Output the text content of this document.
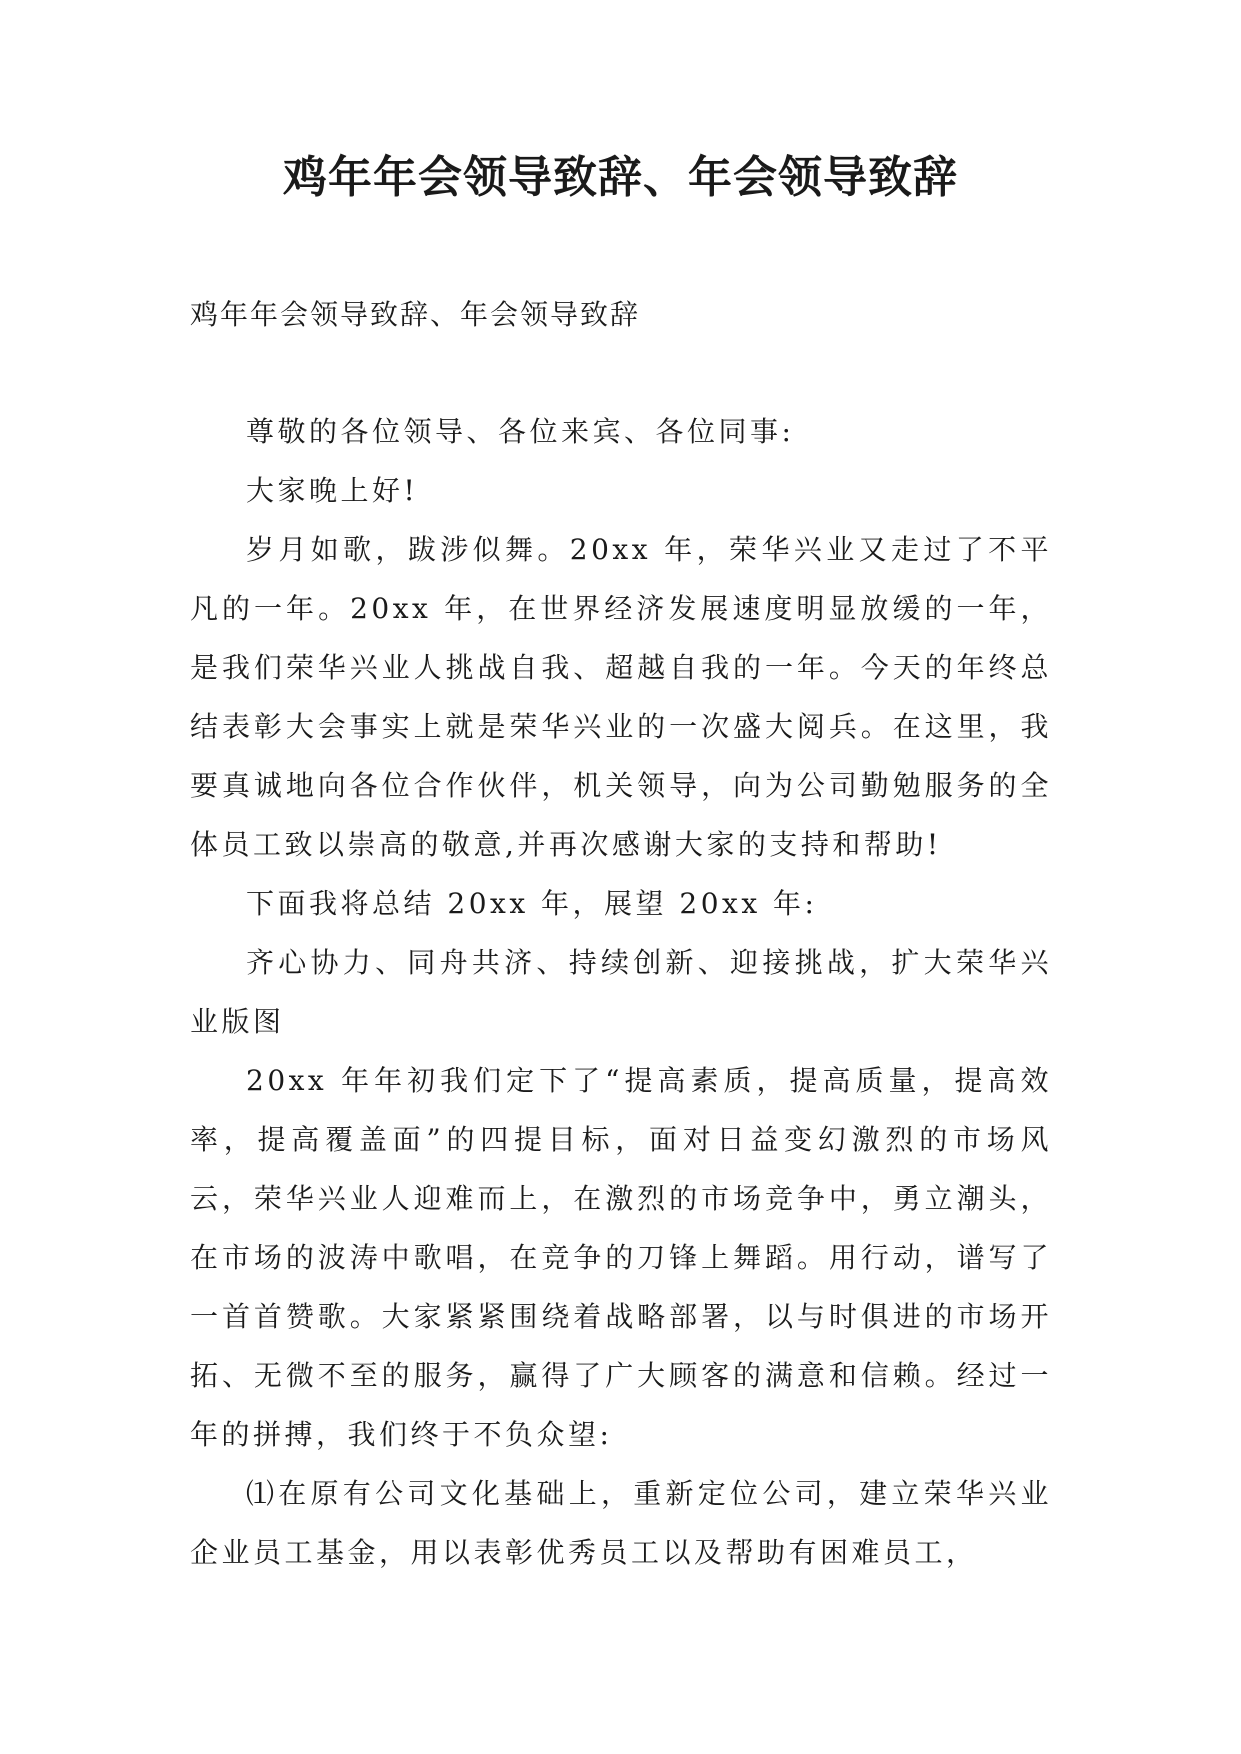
鸡年年会领导致辞、年会领导致辞
鸡年年会领导致辞、年会领导致辞

尊敬的各位领导、各位来宾、各位同事:

大家晚上好!

岁月如歌，跋涉似舞。20xx 年，荣华兴业又走过了不平凡的一年。20xx 年，在世界经济发展速度明显放缓的一年，是我们荣华兴业人挑战自我、超越自我的一年。今天的年终总结表彰大会事实上就是荣华兴业的一次盛大阅兵。在这里，我要真诚地向各位合作伙伴，机关领导，向为公司勤勉服务的全体员工致以崇高的敬意,并再次感谢大家的支持和帮助!

下面我将总结 20xx 年，展望 20xx 年:

齐心协力、同舟共济、持续创新、迎接挑战，扩大荣华兴业版图

20xx 年年初我们定下了“提高素质，提高质量，提高效率，提高覆盖面”的四提目标，面对日益变幻激烈的市场风云，荣华兴业人迎难而上，在激烈的市场竞争中，勇立潮头，在市场的波涛中歌唱，在竞争的刀锋上舞蹈。用行动，谱写了一首首赞歌。大家紧紧围绕着战略部署，以与时俱进的市场开拓、无微不至的服务，赢得了广大顾客的满意和信赖。经过一年的拼搏，我们终于不负众望:

⑴在原有公司文化基础上，重新定位公司，建立荣华兴业企业员工基金，用以表彰优秀员工以及帮助有困难员工，
